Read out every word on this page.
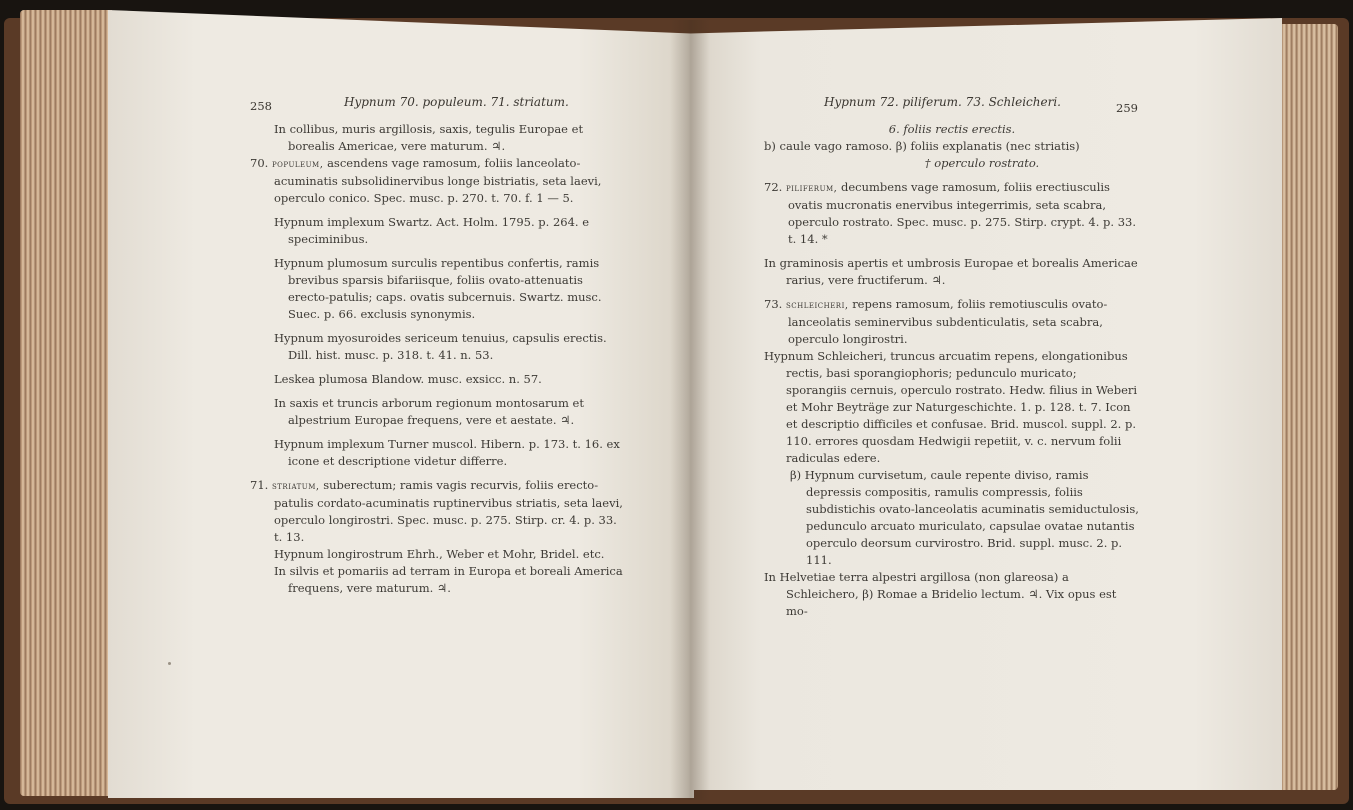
258	Hypnum 70. populeum. 71. striatum.

In collibus, muris argillosis, saxis, tegulis Europae et borealis Americae, vere maturum. ♃.

70. populeum, ascendens vage ramosum, foliis lanceolato-acuminatis subsolidinervibus longe bistriatis, seta laevi, operculo conico. Spec. musc. p. 270. t. 70. f. 1 — 5.

Hypnum implexum Swartz. Act. Holm. 1795. p. 264. e speciminibus.

Hypnum plumosum surculis repentibus confertis, ramis brevibus sparsis bifariisque, foliis ovato-attenuatis erecto-patulis; caps. ovatis subcernuis. Swartz. musc. Suec. p. 66. exclusis synonymis.

Hypnum myosuroides sericeum tenuius, capsulis erectis. Dill. hist. musc. p. 318. t. 41. n. 53.

Leskea plumosa Blandow. musc. exsicc. n. 57.

In saxis et truncis arborum regionum montosarum et alpestrium Europae frequens, vere et aestate. ♃.

Hypnum implexum Turner muscol. Hibern. p. 173. t. 16. ex icone et descriptione videtur differre.

71. striatum, suberectum; ramis vagis recurvis, foliis erecto-patulis cordato-acuminatis ruptinervibus striatis, seta laevi, operculo longirostri. Spec. musc. p. 275. Stirp. cr. 4. p. 33. t. 13.

Hypnum longirostrum Ehrh., Weber et Mohr, Bridel. etc.

In silvis et pomariis ad terram in Europa et boreali America frequens, vere maturum. ♃.

Hypnum 72. piliferum. 73. Schleicheri.	259

6. foliis rectis erectis.

b) caule vago ramoso. β) foliis explanatis (nec striatis)

† operculo rostrato.

72. piliferum, decumbens vage ramosum, foliis erectiusculis ovatis mucronatis enervibus integerrimis, seta scabra, operculo rostrato. Spec. musc. p. 275. Stirp. crypt. 4. p. 33. t. 14. *

In graminosis apertis et umbrosis Europae et borealis Americae rarius, vere fructiferum. ♃.

73. schleicheri, repens ramosum, foliis remotiusculis ovato-lanceolatis seminervibus subdenticulatis, seta scabra, operculo longirostri.

Hypnum Schleicheri, truncus arcuatim repens, elongationibus rectis, basi sporangiophoris; pedunculo muricato; sporangiis cernuis, operculo rostrato. Hedw. filius in Weberi et Mohr Beyträge zur Naturgeschichte. 1. p. 128. t. 7. Icon et descriptio difficiles et confusae. Brid. muscol. suppl. 2. p. 110. errores quosdam Hedwigii repetiit, v. c. nervum folii radiculas edere.

β) Hypnum curvisetum, caule repente diviso, ramis depressis compositis, ramulis compressis, foliis subdistichis ovato-lanceolatis acuminatis semiductulosis, pedunculo arcuato muriculato, capsulae ovatae nutantis operculo deorsum curvirostro. Brid. suppl. musc. 2. p. 111.

In Helvetiae terra alpestri argillosa (non glareosa) a Schleichero, β) Romae a Bridelio lectum. ♃. Vix opus est mo-
